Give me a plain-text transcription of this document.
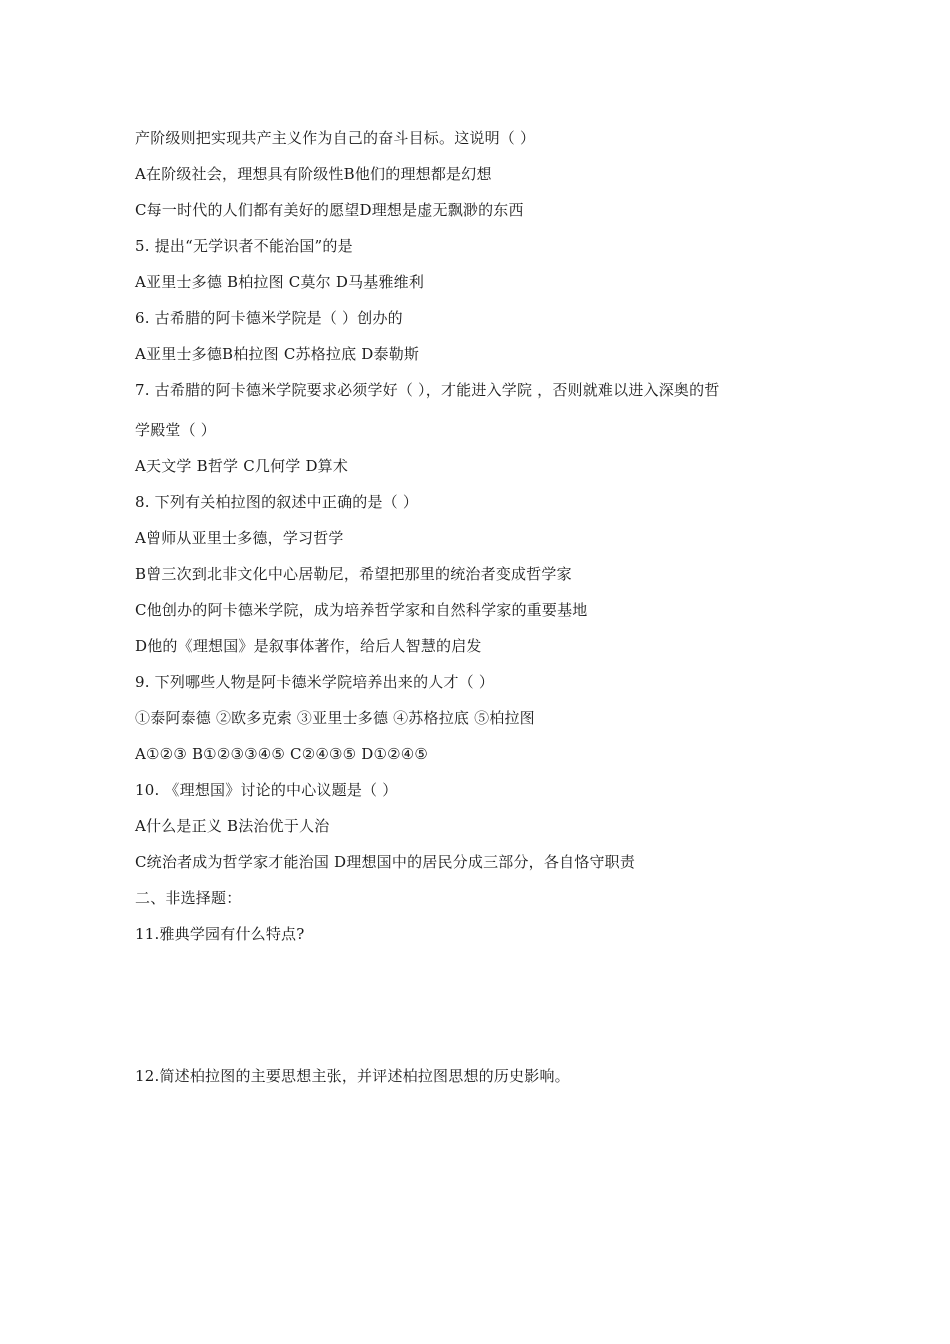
产阶级则把实现共产主义作为自己的奋斗目标。这说明（ ）
A在阶级社会，理想具有阶级性B他们的理想都是幻想
C每一时代的人们都有美好的愿望D理想是虚无飘渺的东西
5. 提出“无学识者不能治国”的是
A亚里士多德 B柏拉图 C莫尔 D马基雅维利
6. 古希腊的阿卡德米学院是（ ）创办的
A亚里士多德B柏拉图 C苏格拉底 D泰勒斯
7. 古希腊的阿卡德米学院要求必须学好（ ），才能进入学院 ，否则就难以进入深奥的哲
学殿堂（ ）
A天文学 B哲学 C几何学 D算术
8. 下列有关柏拉图的叙述中正确的是（ ）
A曾师从亚里士多德，学习哲学
B曾三次到北非文化中心居勒尼，希望把那里的统治者变成哲学家
C他创办的阿卡德米学院，成为培养哲学家和自然科学家的重要基地
D他的《理想国》是叙事体著作，给后人智慧的启发
9. 下列哪些人物是阿卡德米学院培养出来的人才（ ）
①泰阿泰德 ②欧多克索 ③亚里士多德 ④苏格拉底 ⑤柏拉图
A①②③ B①②③③④⑤ C②④③⑤ D①②④⑤
10. 《理想国》讨论的中心议题是（ ）
A什么是正义 B法治优于人治
C统治者成为哲学家才能治国 D理想国中的居民分成三部分，各自恪守职责
二、非选择题：
11.雅典学园有什么特点?
12.简述柏拉图的主要思想主张，并评述柏拉图思想的历史影响。
